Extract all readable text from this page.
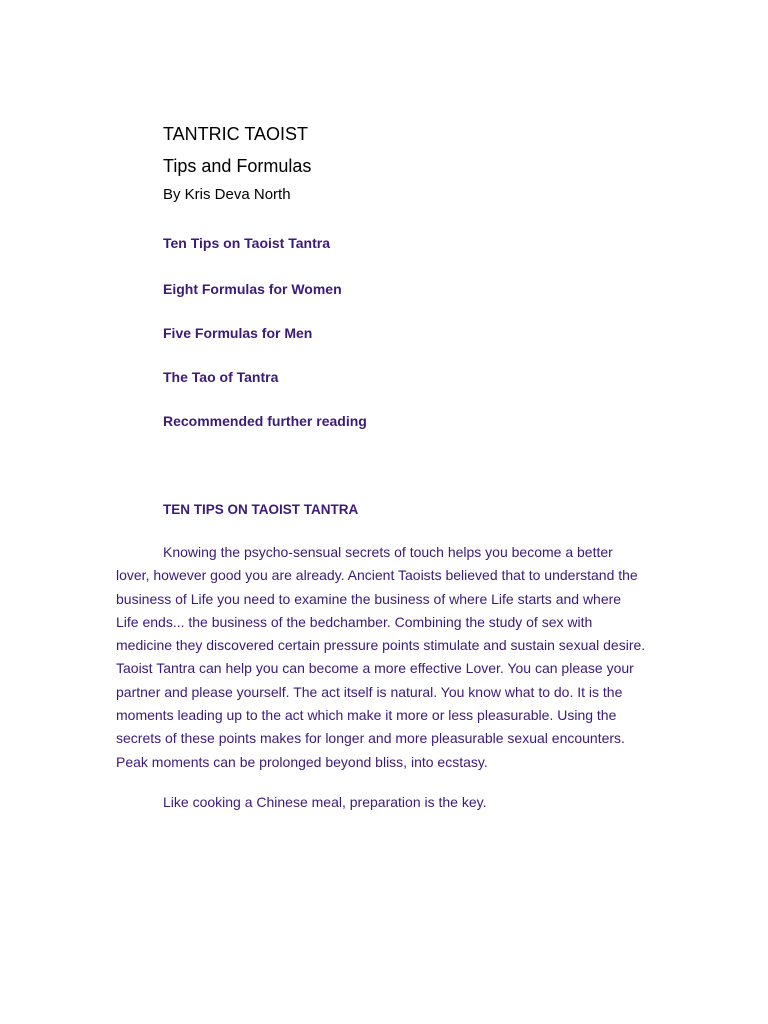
TANTRIC TAOIST
Tips and Formulas
By Kris Deva North
Ten Tips on Taoist Tantra
Eight Formulas for Women
Five Formulas for Men
The Tao of Tantra
Recommended further reading
TEN TIPS ON TAOIST TANTRA

Knowing the psycho-sensual secrets of touch helps you become a better lover, however good you are already. Ancient Taoists believed that to understand the business of Life you need to examine the business of where Life starts and where Life ends... the business of the bedchamber. Combining the study of sex with medicine they discovered certain pressure points stimulate and sustain sexual desire. Taoist Tantra can help you can become a more effective Lover. You can please your partner and please yourself. The act itself is natural. You know what to do. It is the moments leading up to the act which make it more or less pleasurable. Using the secrets of these points makes for longer and more pleasurable sexual encounters. Peak moments can be prolonged beyond bliss, into ecstasy.

Like cooking a Chinese meal, preparation is the key.
